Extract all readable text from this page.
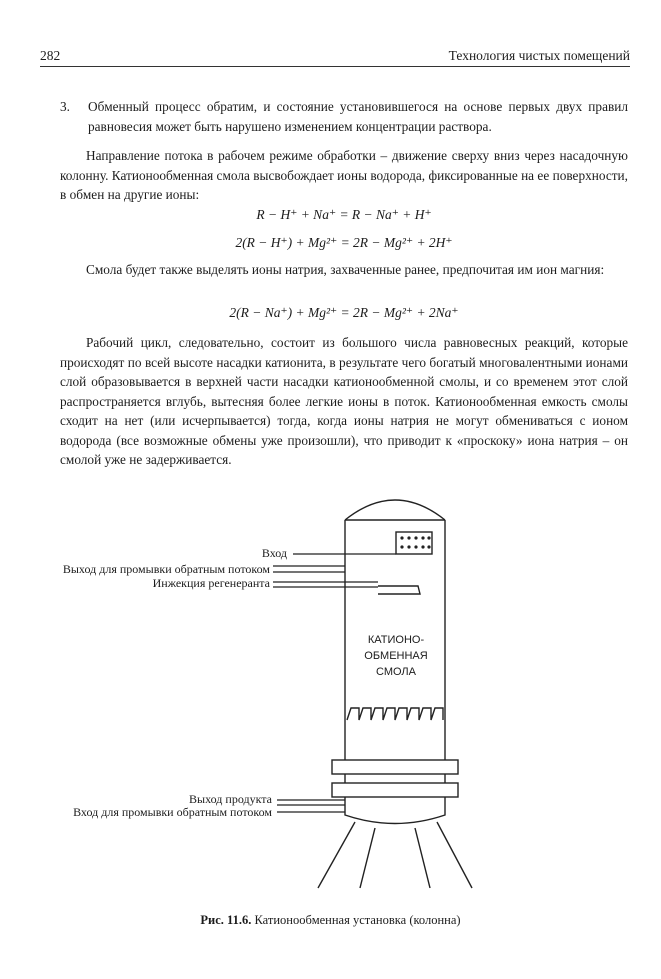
282	Технология чистых помещений
3. Обменный процесс обратим, и состояние установившегося на основе первых двух правил равновесия может быть нарушено изменением концентрации раствора.
Направление потока в рабочем режиме обработки – движение сверху вниз через насадочную колонну. Катионообменная смола высвобождает ионы водорода, фиксированные на ее поверхности, в обмен на другие ионы:
R − H⁺ + Na⁺ = R − Na⁺ + H⁺
2(R − H⁺) + Mg²⁺ = 2R − Mg²⁺ + 2H⁺
Смола будет также выделять ионы натрия, захваченные ранее, предпочитая им ион магния:
2(R − Na⁺) + Mg²⁺ = 2R − Mg²⁺ + 2Na⁺
Рабочий цикл, следовательно, состоит из большого числа равновесных реакций, которые происходят по всей высоте насадки катионита, в результате чего богатый многовалентными ионами слой образовывается в верхней части насадки катионообменной смолы, и со временем этот слой распространяется вглубь, вытесняя более легкие ионы в поток. Катионообменная емкость смолы сходит на нет (или исчерпывается) тогда, когда ионы натрия не могут обмениваться с ионом водорода (все возможные обмены уже произошли), что приводит к «проскоку» иона натрия – он смолой уже не задерживается.
Вход
Выход для промывки обратным потоком
Инжекция регенеранта
КАТИОНО-
ОБМЕННАЯ
СМОЛА
Выход продукта
Вход для промывки обратным потоком
Рис. 11.6. Катионообменная установка (колонна)
